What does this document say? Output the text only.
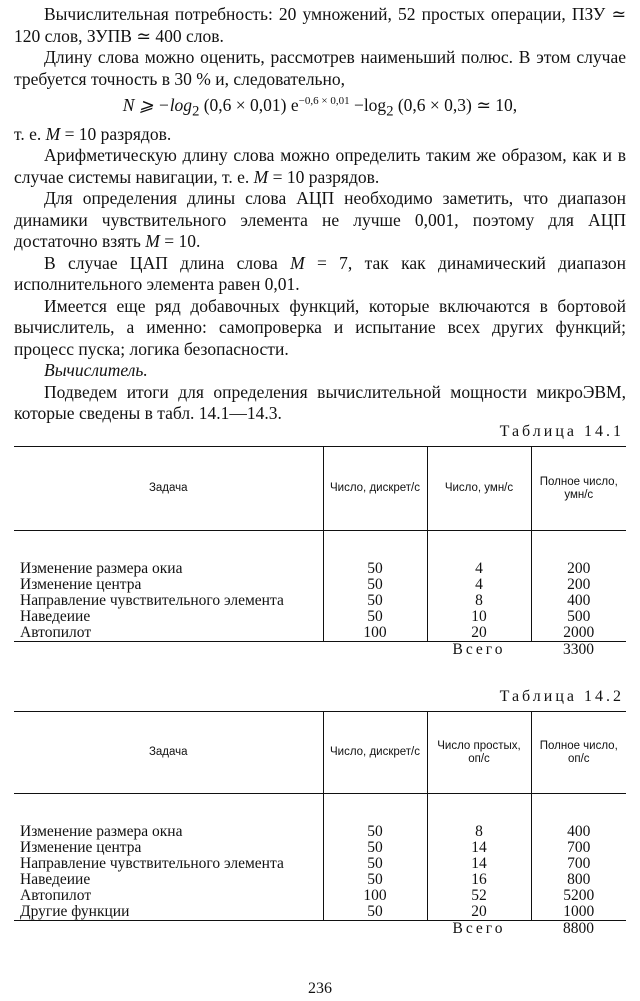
Вычислительная потребность: 20 умножений, 52 простых операции, ПЗУ ≃ 120 слов, ЗУПВ ≃ 400 слов.

Длину слова можно оценить, рассмотрев наименьший полюс. В этом случае требуется точность в 30 % и, следовательно,

N ⩾ $-\log_2$ (0,6 × 0,01) $e^{-0,6 \times 0,01} -\log_2$ (0,6 × 0,3) ≃ 10,

т. е. M = 10 разрядов.

Арифметическую длину слова можно определить таким же образом, как и в случае системы навигации, т. е. M = 10 разрядов.

Для определения длины слова АЦП необходимо заметить, что диапазон динамики чувствительного элемента не лучше 0,001, поэтому для АЦП достаточно взять M = 10.

В случае ЦАП длина слова M = 7, так как динамический диапазон исполнительного элемента равен 0,01.

Имеется еще ряд добавочных функций, которые включаются в бортовой вычислитель, а именно: самопроверка и испытание всех других функций; процесс пуска; логика безопасности.

Вычислитель.

Подведем итоги для определения вычислительной мощности микроЭВМ, которые сведены в табл. 14.1—14.3.

Таблица 14.1
Задача	Число, дискрет/с	Число, умн/с	Полное число, умн/с

Изменение размера окиа	50	4	200
Изменение центра	50	4	200
Направление чувствительного элемента	50	8	400
Наведеиие	50	10	500
Автопилот	100	20	2000
		Всего	3300
Таблица 14.2
Задача	Число, дискрет/с	Число простых, оп/с	Полное число, оп/с

Изменение размера окна	50	8	400
Изменение центра	50	14	700
Направление чувствительного элемента	50	14	700
Наведеиие	50	16	800
Автопилот	100	52	5200
Другие функции	50	20	1000
		Всего	8800
236
